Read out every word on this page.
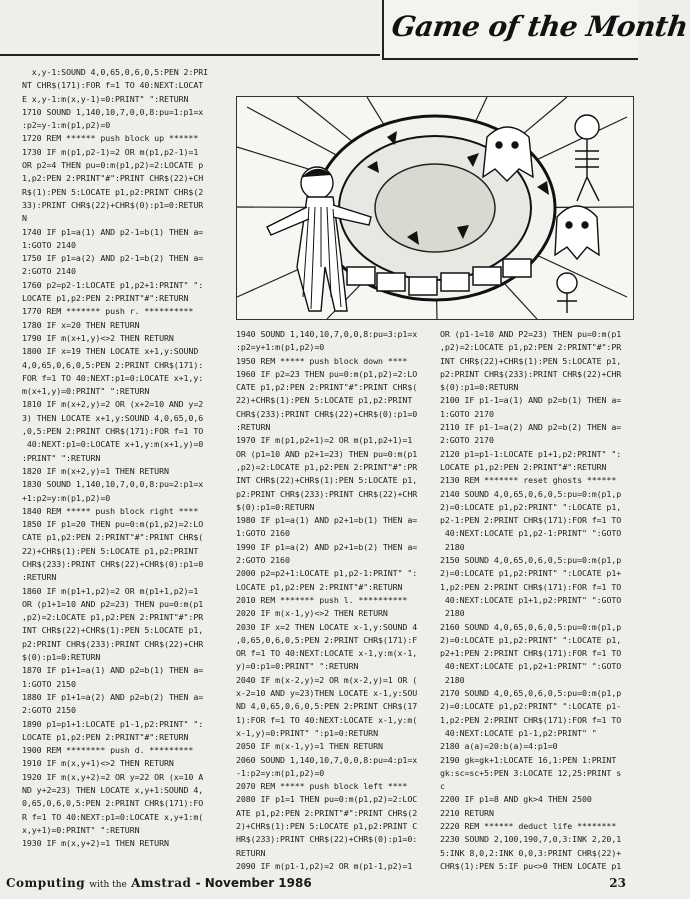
Game of the Month
x,y-1:SOUND 4,0,65,0,6,0,5:PEN 2:PRI
NT CHR$(171):FOR f=1 TO 40:NEXT:LOCAT
E x,y-1:m(x,y-1)=0:PRINT" ":RETURN
1710 SOUND 1,140,10,7,0,0,8:pu=1:p1=x
:p2=y-1:m(p1,p2)=0
1720 REM ****** push block up ******
1730 IF m(p1,p2-1)=2 OR m(p1,p2-1)=1
OR p2=4 THEN pu=0:m(p1,p2)=2:LOCATE p
1,p2:PEN 2:PRINT"#":PRINT CHR$(22)+CH
R$(1):PEN 5:LOCATE p1,p2:PRINT CHR$(2
33):PRINT CHR$(22)+CHR$(0):p1=0:RETUR
N
1740 IF p1=a(1) AND p2-1=b(1) THEN a=
1:GOTO 2140
1750 IF p1=a(2) AND p2-1=b(2) THEN a=
2:GOTO 2140
1760 p2=p2-1:LOCATE p1,p2+1:PRINT" ":
LOCATE p1,p2:PEN 2:PRINT"#":RETURN
1770 REM ******* push r. **********
1780 IF x=20 THEN RETURN
1790 IF m(x+1,y)<>2 THEN RETURN
1800 IF x=19 THEN LOCATE x+1,y:SOUND
4,0,65,0,6,0,5:PEN 2:PRINT CHR$(171):
FOR f=1 TO 40:NEXT:p1=0:LOCATE x+1,y:
m(x+1,y)=0:PRINT" ":RETURN
1810 IF m(x+2,y)=2 OR (x+2=10 AND y=2
3) THEN LOCATE x+1,y:SOUND 4,0,65,0,6
,0,5:PEN 2:PRINT CHR$(171):FOR f=1 TO
40:NEXT:p1=0:LOCATE x+1,y:m(x+1,y)=0
:PRINT" ":RETURN
1820 IF m(x+2,y)=1 THEN RETURN
1830 SOUND 1,140,10,7,0,0,8:pu=2:p1=x
+1:p2=y:m(p1,p2)=0
1840 REM ***** push block right ****
1850 IF p1=20 THEN pu=0:m(p1,p2)=2:LO
CATE p1,p2:PEN 2:PRINT"#":PRINT CHR$(
22)+CHR$(1):PEN 5:LOCATE p1,p2:PRINT
CHR$(233):PRINT CHR$(22)+CHR$(0):p1=0
:RETURN
1860 IF m(p1+1,p2)=2 OR m(p1+1,p2)=1
OR (p1+1=10 AND p2=23) THEN pu=0:m(p1
,p2)=2:LOCATE p1,p2:PEN 2:PRINT"#":PR
INT CHR$(22)+CHR$(1):PEN 5:LOCATE p1,
p2:PRINT CHR$(233):PRINT CHR$(22)+CHR
$(0):p1=0:RETURN
1870 IF p1+1=a(1) AND p2=b(1) THEN a=
1:GOTO 2150
1880 IF p1+1=a(2) AND p2=b(2) THEN a=
2:GOTO 2150
1890 p1=p1+1:LOCATE p1-1,p2:PRINT" ":
LOCATE p1,p2:PEN 2:PRINT"#":RETURN
1900 REM ******** push d. *********
1910 IF m(x,y+1)<>2 THEN RETURN
1920 IF m(x,y+2)=2 OR y=22 OR (x=10 A
ND y+2=23) THEN LOCATE x,y+1:SOUND 4,
0,65,0,6,0,5:PEN 2:PRINT CHR$(171):FO
R f=1 TO 40:NEXT:p1=0:LOCATE x,y+1:m(
x,y+1)=0:PRINT" ":RETURN
1930 IF m(x,y+2)=1 THEN RETURN
1940 SOUND 1,140,10,7,0,0,8:pu=3:p1=x
:p2=y+1:m(p1,p2)=0
1950 REM ***** push block down ****
1960 IF p2=23 THEN pu=0:m(p1,p2)=2:LO
CATE p1,p2:PEN 2:PRINT"#":PRINT CHR$(
22)+CHR$(1):PEN 5:LOCATE p1,p2:PRINT
CHR$(233):PRINT CHR$(22)+CHR$(0):p1=0
:RETURN
1970 IF m(p1,p2+1)=2 OR m(p1,p2+1)=1
OR (p1=10 AND p2+1=23) THEN pu=0:m(p1
,p2)=2:LOCATE p1,p2:PEN 2:PRINT"#":PR
INT CHR$(22)+CHR$(1):PEN 5:LOCATE p1,
p2:PRINT CHR$(233):PRINT CHR$(22)+CHR
$(0):p1=0:RETURN
1980 IF p1=a(1) AND p2+1=b(1) THEN a=
1:GOTO 2160
1990 IF p1=a(2) AND p2+1=b(2) THEN a=
2:GOTO 2160
2000 p2=p2+1:LOCATE p1,p2-1:PRINT" ":
LOCATE p1,p2:PEN 2:PRINT"#":RETURN
2010 REM ******* push l. **********
2020 IF m(x-1,y)<>2 THEN RETURN
2030 IF x=2 THEN LOCATE x-1,y:SOUND 4
,0,65,0,6,0,5:PEN 2:PRINT CHR$(171):F
OR f=1 TO 40:NEXT:LOCATE x-1,y:m(x-1,
y)=0:p1=0:PRINT" ":RETURN
2040 IF m(x-2,y)=2 OR m(x-2,y)=1 OR (
x-2=10 AND y=23)THEN LOCATE x-1,y:SOU
ND 4,0,65,0,6,0,5:PEN 2:PRINT CHR$(17
1):FOR f=1 TO 40:NEXT:LOCATE x-1,y:m(
x-1,y)=0:PRINT" ":p1=0:RETURN
2050 IF m(x-1,y)=1 THEN RETURN
2060 SOUND 1,140,10,7,0,0,8:pu=4:p1=x
-1:p2=y:m(p1,p2)=0
2070 REM ***** push block left ****
2080 IF p1=1 THEN pu=0:m(p1,p2)=2:LOC
ATE p1,p2:PEN 2:PRINT"#":PRINT CHR$(2
2)+CHR$(1):PEN 5:LOCATE p1,p2:PRINT C
HR$(233):PRINT CHR$(22)+CHR$(0):p1=0:
RETURN
2090 IF m(p1-1,p2)=2 OR m(p1-1,p2)=1
OR (p1-1=10 AND P2=23) THEN pu=0:m(p1
,p2)=2:LOCATE p1,p2:PEN 2:PRINT"#":PR
INT CHR$(22)+CHR$(1):PEN 5:LOCATE p1,
p2:PRINT CHR$(233):PRINT CHR$(22)+CHR
$(0):p1=0:RETURN
2100 IF p1-1=a(1) AND p2=b(1) THEN a=
1:GOTO 2170
2110 IF p1-1=a(2) AND p2=b(2) THEN a=
2:GOTO 2170
2120 p1=p1-1:LOCATE p1+1,p2:PRINT" ":
LOCATE p1,p2:PEN 2:PRINT"#":RETURN
2130 REM ******* reset ghosts ******
2140 SOUND 4,0,65,0,6,0,5:pu=0:m(p1,p
2)=0:LOCATE p1,p2:PRINT" ":LOCATE p1,
p2-1:PEN 2:PRINT CHR$(171):FOR f=1 TO
40:NEXT:LOCATE p1,p2-1:PRINT" ":GOTO
2180
2150 SOUND 4,0,65,0,6,0,5:pu=0:m(p1,p
2)=0:LOCATE p1,p2:PRINT" ":LOCATE p1+
1,p2:PEN 2:PRINT CHR$(171):FOR f=1 TO
40:NEXT:LOCATE p1+1,p2:PRINT" ":GOTO
2180
2160 SOUND 4,0,65,0,6,0,5:pu=0:m(p1,p
2)=0:LOCATE p1,p2:PRINT" ":LOCATE p1,
p2+1:PEN 2:PRINT CHR$(171):FOR f=1 TO
40:NEXT:LOCATE p1,p2+1:PRINT" ":GOTO
2180
2170 SOUND 4,0,65,0,6,0,5:pu=0:m(p1,p
2)=0:LOCATE p1,p2:PRINT" ":LOCATE p1-
1,p2:PEN 2:PRINT CHR$(171):FOR f=1 TO
40:NEXT:LOCATE p1-1,p2:PRINT" "
2180 a(a)=20:b(a)=4:p1=0
2190 gk=gk+1:LOCATE 16,1:PEN 1:PRINT
gk:sc=sc+5:PEN 3:LOCATE 12,25:PRINT s
c
2200 IF p1=8 AND gk>4 THEN 2500
2210 RETURN
2220 REM ****** deduct life ********
2230 SOUND 2,100,190,7,0,3:INK 2,20,1
5:INK 8,0,2:INK 0,0,3:PRINT CHR$(22)+
CHR$(1):PEN 5:IF pu<>0 THEN LOCATE p1
Computing with the Amstrad - November 1986	23
